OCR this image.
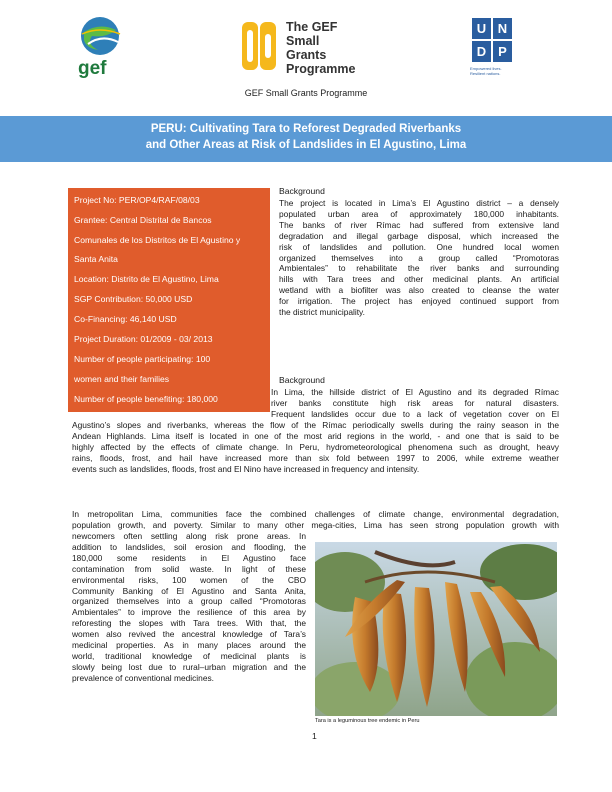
gef
The GEF
Small Grants
Programme
U N
D P
Empowered lives. Resilient nations.
GEF Small Grants Programme
PERU: Cultivating Tara to Reforest Degraded Riverbanks
and Other Areas at Risk of Landslides in El Agustino, Lima
Project No: PER/OP4/RAF/08/03
Grantee: Central Distrital de Bancos
Comunales de los Distritos de El Agustino y
Santa Anita
Location: Distrito de El Agustino, Lima
SGP Contribution: 50,000 USD
Co-Financing: 46,140 USD
Project Duration: 01/2009 - 03/ 2013
Number of people participating: 100
women and their families
Number of people benefiting: 180,000
Background
The project is located in Lima’s El Agustino district – a densely
populated urban area of approximately 180,000 inhabitants.
The banks of river Rímac had suffered from extensive land
degradation and illegal garbage disposal, which increased the
risk of landslides and pollution. One hundred local women
organized themselves into a group called “Promotoras
Ambientales” to rehabilitate the river banks and surrounding
hills with Tara trees and other medicinal plants. An artificial
wetland with a biofilter was also created to cleanse the water
for irrigation. The project has enjoyed continued support from
the district municipality.
Background
In Lima, the hillside district of El Agustino and its degraded Rímac
river banks constitute high risk areas for natural disasters.
Frequent landslides occur due to a lack of vegetation cover on El
Agustino’s slopes and riverbanks, whereas the flow of the Rímac periodically swells during the rainy season in the
Andean Highlands. Lima itself is located in one of the most arid regions in the world, - and one that is said to be
highly affected by the effects of climate change. In Peru, hydrometeorological phenomena such as drought, heavy
rains, floods, frost, and hail have increased more than six fold between 1997 to 2006, while extreme weather
events such as landslides, floods, frost and El Nino have increased in frequency and intensity.
In metropolitan Lima, communities face the combined challenges of climate change, environmental degradation,
population growth, and poverty. Similar to many other mega-cities, Lima has seen strong population growth with
newcomers often settling along risk prone areas. In
addition to landslides, soil erosion and flooding, the
180,000 some residents in El Agustino face
contamination from solid waste. In light of these
environmental risks, 100 women of the CBO
Community Banking of El Agustino and Santa Anita,
organized themselves into a group called “Promotoras
Ambientales” to improve the resilience of this area by
reforesting the slopes with Tara trees. With that, the
women also revived the ancestral knowledge of Tara’s
medicinal properties. As in many places around the
world, traditional knowledge of medicinal plants is
slowly being lost due to rural–urban migration and the
prevalence of conventional medicines.
Tara is a leguminous tree endemic in Peru
1
